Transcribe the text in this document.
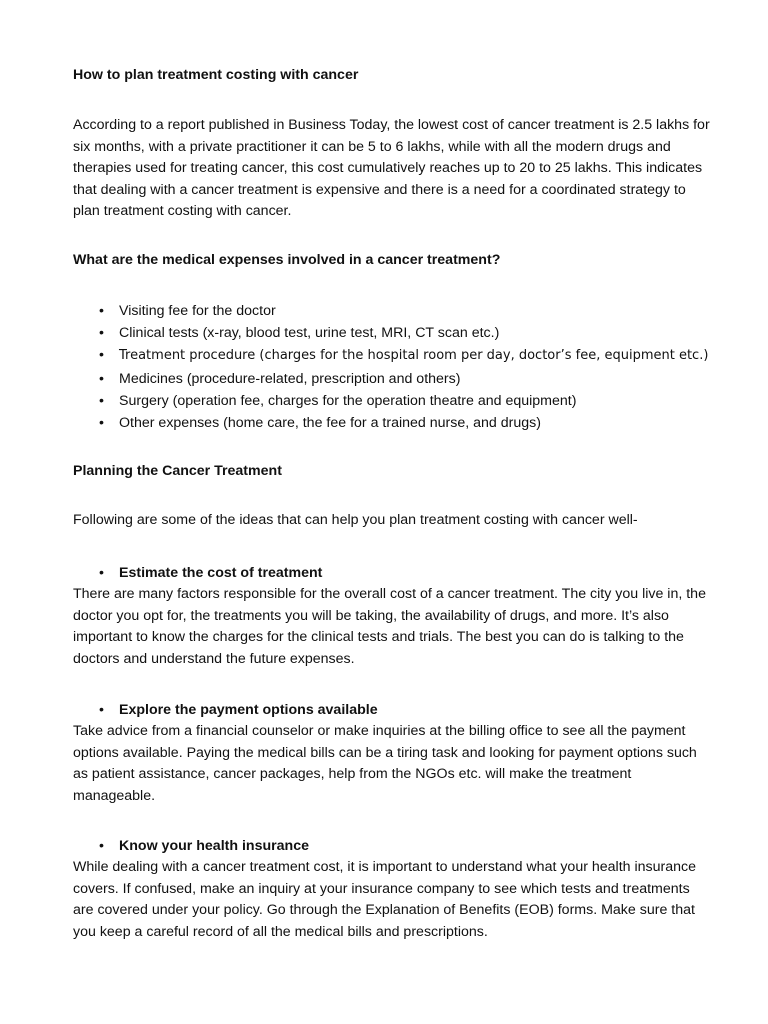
How to plan treatment costing with cancer

According to a report published in Business Today, the lowest cost of cancer treatment is 2.5 lakhs for six months, with a private practitioner it can be 5 to 6 lakhs, while with all the modern drugs and therapies used for treating cancer, this cost cumulatively reaches up to 20 to 25 lakhs. This indicates that dealing with a cancer treatment is expensive and there is a need for a coordinated strategy to plan treatment costing with cancer.

What are the medical expenses involved in a cancer treatment?
• Visiting fee for the doctor
• Clinical tests (x-ray, blood test, urine test, MRI, CT scan etc.)
• Treatment procedure (charges for the hospital room per day, doctor’s fee, equipment etc.)
• Medicines (procedure-related, prescription and others)
• Surgery (operation fee, charges for the operation theatre and equipment)
• Other expenses (home care, the fee for a trained nurse, and drugs)
Planning the Cancer Treatment

Following are some of the ideas that can help you plan treatment costing with cancer well-

• Estimate the cost of treatment

There are many factors responsible for the overall cost of a cancer treatment. The city you live in, the doctor you opt for, the treatments you will be taking, the availability of drugs, and more. It’s also important to know the charges for the clinical tests and trials. The best you can do is talking to the doctors and understand the future expenses.

• Explore the payment options available

Take advice from a financial counselor or make inquiries at the billing office to see all the payment options available. Paying the medical bills can be a tiring task and looking for payment options such as patient assistance, cancer packages, help from the NGOs etc. will make the treatment manageable.

• Know your health insurance

While dealing with a cancer treatment cost, it is important to understand what your health insurance covers. If confused, make an inquiry at your insurance company to see which tests and treatments are covered under your policy. Go through the Explanation of Benefits (EOB) forms. Make sure that you keep a careful record of all the medical bills and prescriptions.
